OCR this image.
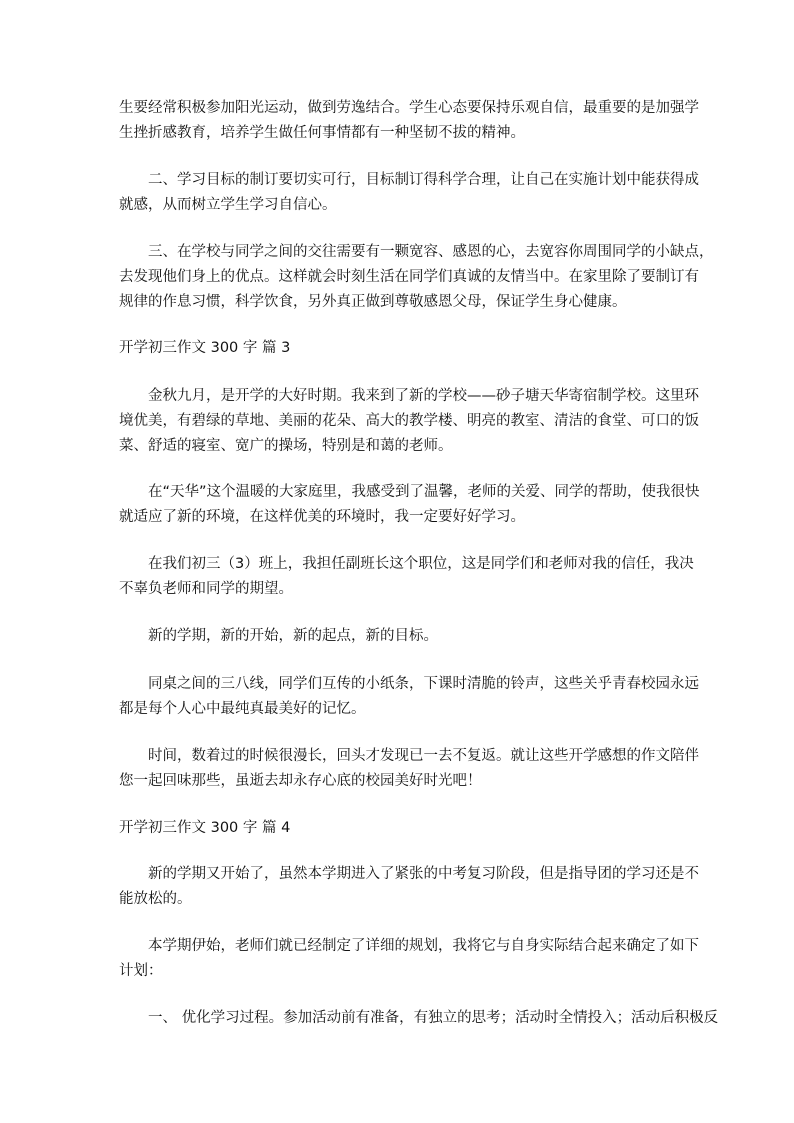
生要经常积极参加阳光运动，做到劳逸结合。学生心态要保持乐观自信，最重要的是加强学
生挫折感教育，培养学生做任何事情都有一种坚韧不拔的精神。
二、学习目标的制订要切实可行，目标制订得科学合理，让自己在实施计划中能获得成
就感，从而树立学生学习自信心。
三、在学校与同学之间的交往需要有一颗宽容、感恩的心，去宽容你周围同学的小缺点，
去发现他们身上的优点。这样就会时刻生活在同学们真诚的友情当中。在家里除了要制订有
规律的作息习惯，科学饮食，另外真正做到尊敬感恩父母，保证学生身心健康。
开学初三作文 300 字 篇 3
金秋九月，是开学的大好时期。我来到了新的学校——砂子塘天华寄宿制学校。这里环
境优美，有碧绿的草地、美丽的花朵、高大的教学楼、明亮的教室、清洁的食堂、可口的饭
菜、舒适的寝室、宽广的操场，特别是和蔼的老师。
在“天华”这个温暖的大家庭里，我感受到了温馨，老师的关爱、同学的帮助，使我很快
就适应了新的环境，在这样优美的环境时，我一定要好好学习。
在我们初三（3）班上，我担任副班长这个职位，这是同学们和老师对我的信任，我决
不辜负老师和同学的期望。
新的学期，新的开始，新的起点，新的目标。
同桌之间的三八线，同学们互传的小纸条，下课时清脆的铃声，这些关乎青春校园永远
都是每个人心中最纯真最美好的记忆。
时间，数着过的时候很漫长，回头才发现已一去不复返。就让这些开学感想的作文陪伴
您一起回味那些，虽逝去却永存心底的校园美好时光吧！
开学初三作文 300 字 篇 4
新的学期又开始了，虽然本学期进入了紧张的中考复习阶段，但是指导团的学习还是不
能放松的。
本学期伊始，老师们就已经制定了详细的规划，我将它与自身实际结合起来确定了如下
计划：
一、 优化学习过程。参加活动前有准备，有独立的思考；活动时全情投入；活动后积极反
